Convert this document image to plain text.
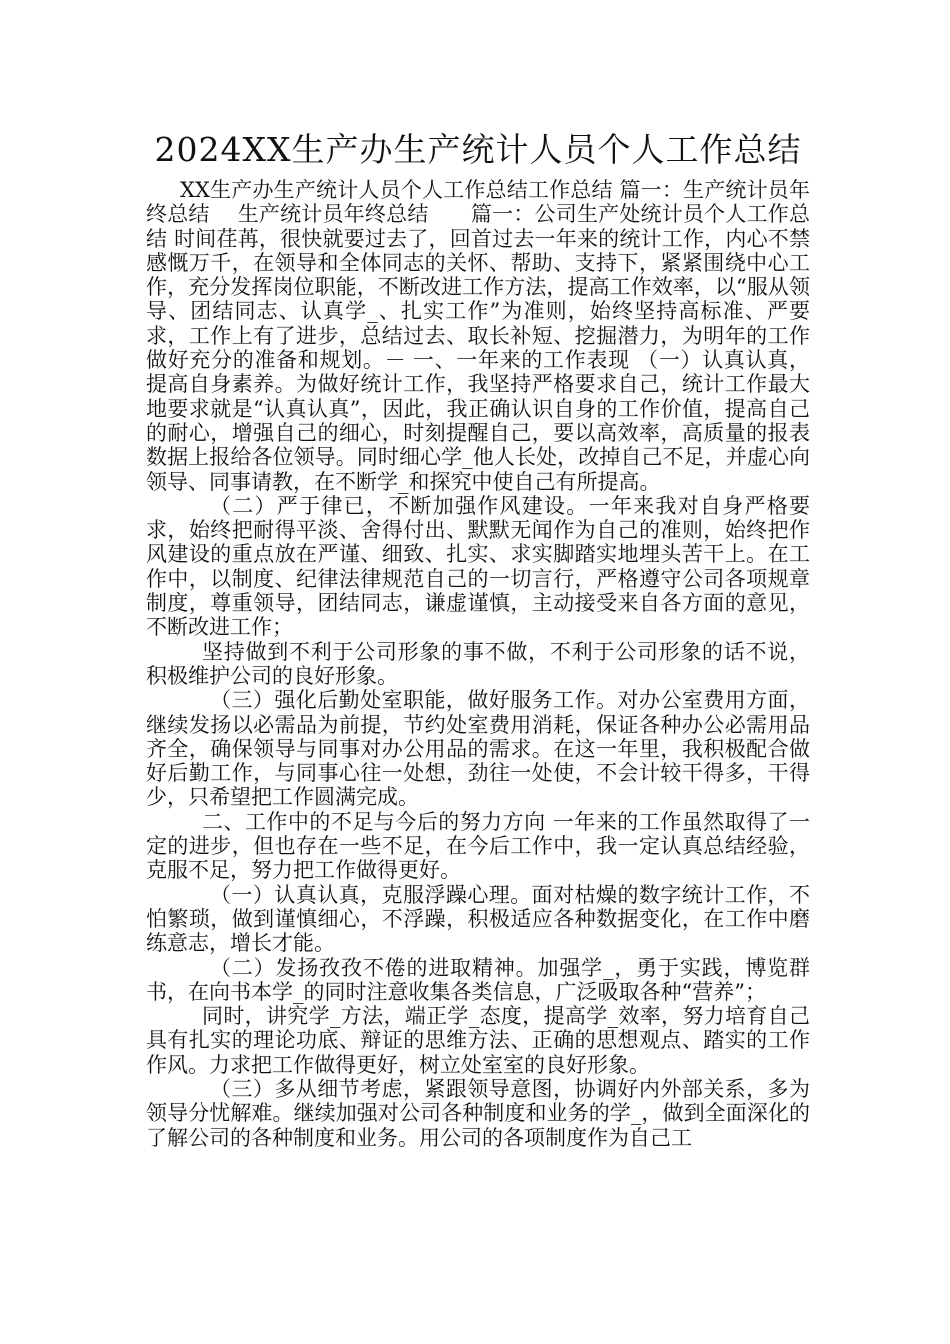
2024XX生产办生产统计人员个人工作总结

XX生产办生产统计人员个人工作总结工作总结 篇一：生产统计员年终总结　 生产统计员年终总结　　篇一：公司生产处统计员个人工作总结 时间荏苒，很快就要过去了，回首过去一年来的统计工作，内心不禁感慨万千，在领导和全体同志的关怀、帮助、支持下，紧紧围绕中心工作，充分发挥岗位职能，不断改进工作方法，提高工作效率，以“服从领导、团结同志、认真学_、扎实工作”为准则，始终坚持高标准、严要求，工作上有了进步，总结过去、取长补短、挖掘潜力，为明年的工作做好充分的准备和规划。－ 一、一年来的工作表现 （一）认真认真，提高自身素养。为做好统计工作，我坚持严格要求自己，统计工作最大地要求就是“认真认真”，因此，我正确认识自身的工作价值，提高自己的耐心，增强自己的细心，时刻提醒自己，要以高效率，高质量的报表数据上报给各位领导。同时细心学_他人长处，改掉自己不足，并虚心向领导、同事请教，在不断学_和探究中使自己有所提高。

（二）严于律已，不断加强作风建设。一年来我对自身严格要求，始终把耐得平淡、舍得付出、默默无闻作为自己的准则，始终把作风建设的重点放在严谨、细致、扎实、求实脚踏实地埋头苦干上。在工作中，以制度、纪律法律规范自己的一切言行，严格遵守公司各项规章制度，尊重领导，团结同志，谦虚谨慎，主动接受来自各方面的意见，不断改进工作；

坚持做到不利于公司形象的事不做，不利于公司形象的话不说，积极维护公司的良好形象。

（三）强化后勤处室职能，做好服务工作。对办公室费用方面，继续发扬以必需品为前提，节约处室费用消耗，保证各种办公必需用品齐全，确保领导与同事对办公用品的需求。在这一年里，我积极配合做好后勤工作，与同事心往一处想，劲往一处使，不会计较干得多，干得少，只希望把工作圆满完成。

二、工作中的不足与今后的努力方向 一年来的工作虽然取得了一定的进步，但也存在一些不足，在今后工作中，我一定认真总结经验，克服不足，努力把工作做得更好。

（一）认真认真，克服浮躁心理。面对枯燥的数字统计工作，不怕繁琐，做到谨慎细心，不浮躁，积极适应各种数据变化，在工作中磨练意志，增长才能。

（二）发扬孜孜不倦的进取精神。加强学_，勇于实践，博览群书，在向书本学_的同时注意收集各类信息，广泛吸取各种“营养”；

同时，讲究学_方法，端正学_态度，提高学_效率，努力培育自己具有扎实的理论功底、辩证的思维方法、正确的思想观点、踏实的工作作风。力求把工作做得更好，树立处室室的良好形象。

（三）多从细节考虑，紧跟领导意图，协调好内外部关系，多为领导分忧解难。继续加强对公司各种制度和业务的学_，做到全面深化的了解公司的各种制度和业务。用公司的各项制度作为自己工
